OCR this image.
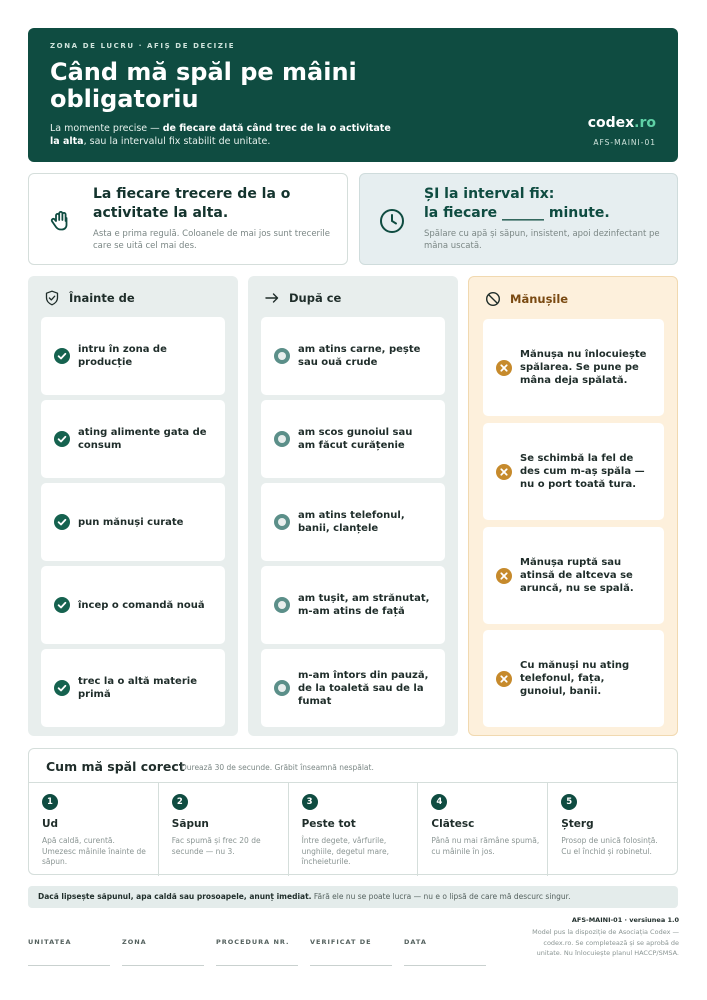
ZONA DE LUCRU · AFIȘ DE DECIZIE
Când mă spăl pe mâini obligatoriu
La momente precise — de fiecare dată când trec de la o activitate la alta, sau la intervalul fix stabilit de unitate.
codex.ro
AFS-MAINI-01
La fiecare trecere de la o activitate la alta.
Asta e prima regulă. Coloanele de mai jos sunt trecerile care se uită cel mai des.
ȘI la interval fix:
la fiecare ______ minute.
Spălare cu apă și săpun, insistent, apoi dezinfectant pe mâna uscată.
Înainte de
intru în zona de producție
ating alimente gata de consum
pun mănuși curate
încep o comandă nouă
trec la o altă materie primă
După ce
am atins carne, pește sau ouă crude
am scos gunoiul sau am făcut curățenie
am atins telefonul, banii, clanțele
am tușit, am strănutat, m-am atins de față
m-am întors din pauză, de la toaletă sau de la fumat
Mănușile
Mănușa nu înlocuiește spălarea. Se pune pe mâna deja spălată.
Se schimbă la fel de des cum m-aș spăla — nu o port toată tura.
Mănușa ruptă sau atinsă de altceva se aruncă, nu se spală.
Cu mănuși nu ating telefonul, fața, gunoiul, banii.
Cum mă spăl corect
Durează 30 de secunde. Grăbit înseamnă nespălat.
1
Ud
Apă caldă, curentă. Umezesc mâinile înainte de săpun.
2
Săpun
Fac spumă și frec 20 de secunde — nu 3.
3
Peste tot
Între degete, vârfurile, unghiile, degetul mare, încheieturile.
4
Clătesc
Până nu mai rămâne spumă, cu mâinile în jos.
5
Șterg
Prosop de unică folosință. Cu el închid și robinetul.
Dacă lipsește săpunul, apa caldă sau prosoapele, anunț imediat. Fără ele nu se poate lucra — nu e o lipsă de care mă descurc singur.
UNITATEA	ZONA	PROCEDURA NR.	VERIFICAT DE	DATA
AFS-MAINI-01 · versiunea 1.0
Model pus la dispoziție de Asociația Codex — codex.ro. Se completează și se aprobă de unitate. Nu înlocuiește planul HACCP/SMSA.
